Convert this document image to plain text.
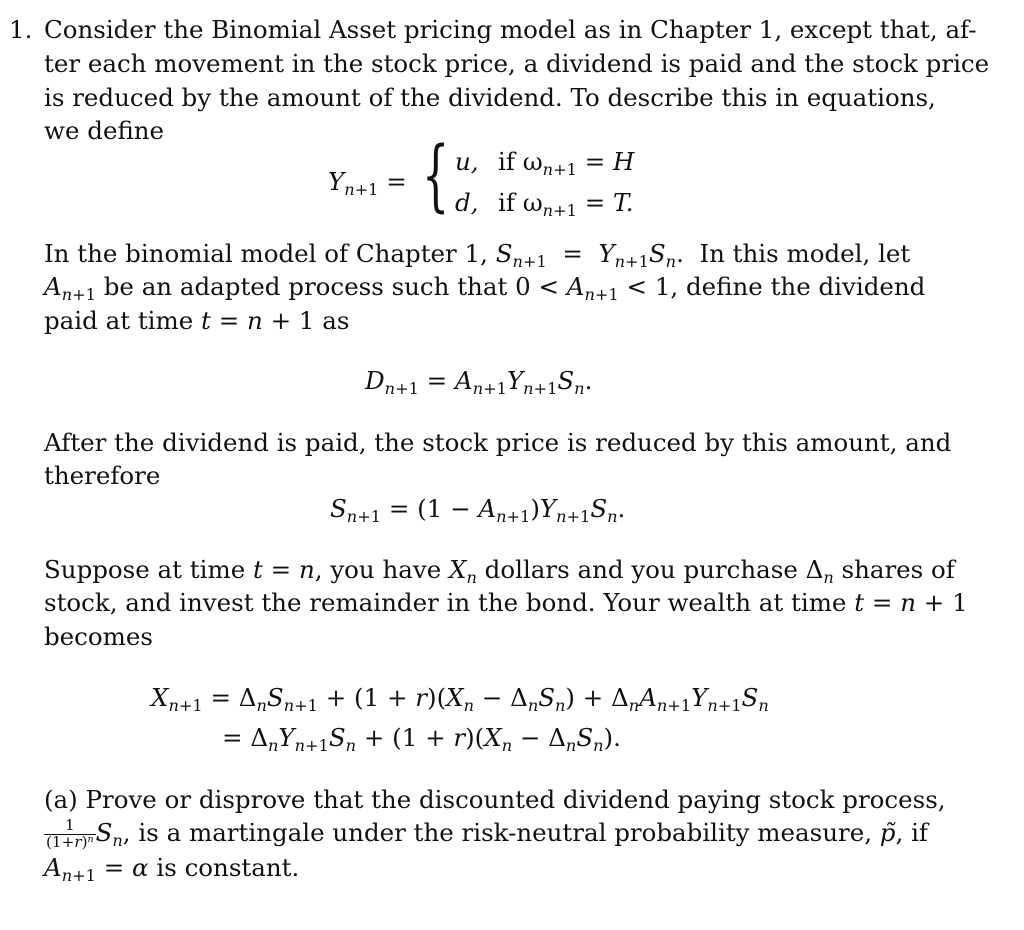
1. Consider the Binomial Asset pricing model as in Chapter 1, except that, af-
ter each movement in the stock price, a dividend is paid and the stock price
is reduced by the amount of the dividend. To describe this in equations,
we define
$Y_{n+1}$ = { u,
d,
if $\omega_{n+1} = H$
if $\omega_{n+1} = T$.
In the binomial model of Chapter 1, $S_{n+1} = Y_{n+1}S_n$.  In this model, let
$A_{n+1}$ be an adapted process such that $0 < A_{n+1} < 1$, define the dividend
paid at time t = n + 1 as
$D_{n+1} = A_{n+1}Y_{n+1}S_n$.
After the dividend is paid, the stock price is reduced by this amount, and
therefore
$S_{n+1} = (1 - A_{n+1})Y_{n+1}S_n$.
Suppose at time t = n, you have $X_n$ dollars and you purchase $\Delta_n$ shares of
stock, and invest the remainder in the bond. Your wealth at time t = n + 1
becomes
$X_{n+1} = \Delta_nS_{n+1} + (1 + r)(X_n - \Delta_nS_n) + \Delta_nA_{n+1}Y_{n+1}S_n$
= $\Delta_nY_{n+1}S_n + (1 + r)(X_n - \Delta_nS_n)$.
(a) Prove or disprove that the discounted dividend paying stock process,
$\frac{1}{(1+r)^n} S_n$, is a martingale under the risk-neutral probability measure, p̃, if
$A_{n+1} = \alpha$ is constant.
